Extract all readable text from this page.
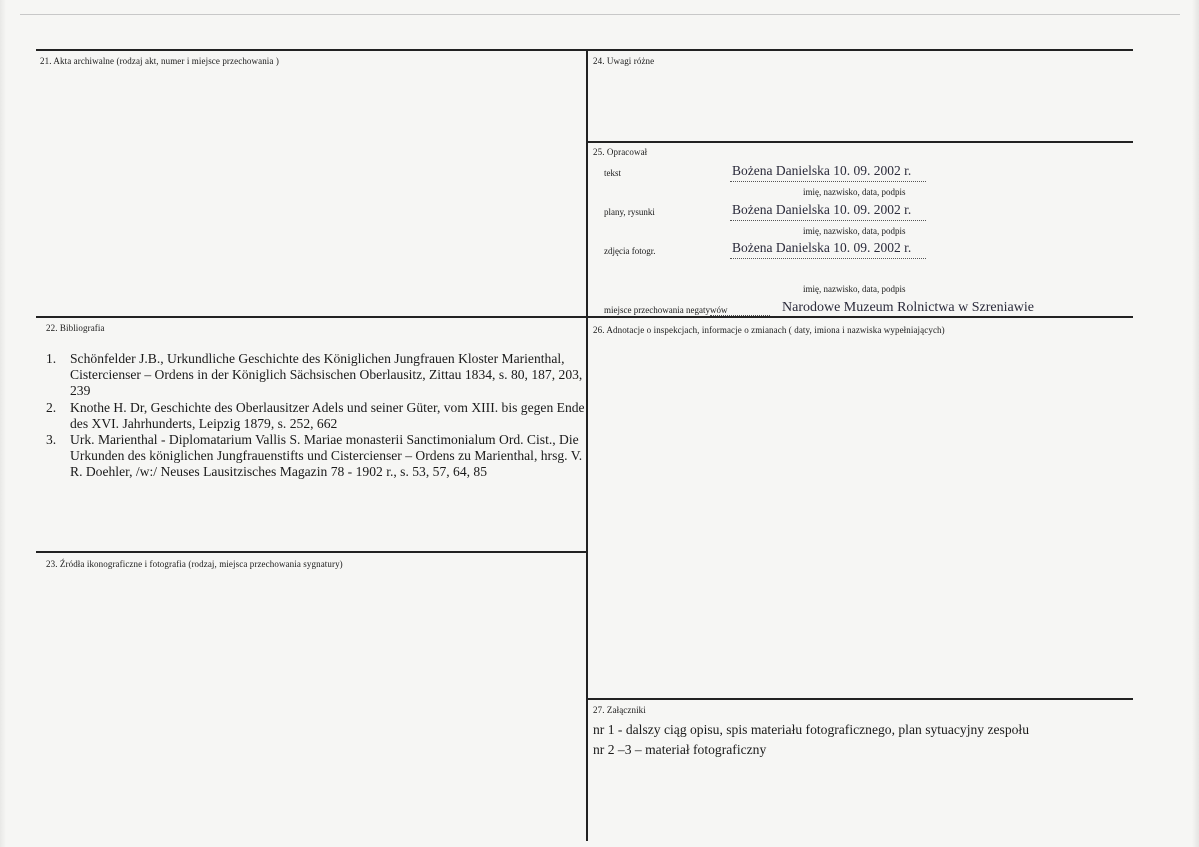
21. Akta archiwalne (rodzaj akt, numer i miejsce przechowania )
22. Bibliografia
1. Schönfelder J.B., Urkundliche Geschichte des Königlichen Jungfrauen Kloster Marienthal, Cistercienser – Ordens in der Königlich Sächsischen Oberlausitz, Zittau 1834, s. 80, 187, 203, 239
2. Knothe H. Dr, Geschichte des Oberlausitzer Adels und seiner Güter, vom XIII. bis gegen Ende des XVI. Jahrhunderts, Leipzig 1879, s. 252, 662
3. Urk. Marienthal - Diplomatarium Vallis S. Mariae monasterii Sanctimonialum Ord. Cist., Die Urkunden des königlichen Jungfrauenstifts und Cistercienser – Ordens zu Marienthal, hrsg. V. R. Doehler, /w:/ Neuses Lausitzisches Magazin 78 - 1902 r., s. 53, 57, 64, 85
23. Źródła ikonograficzne i fotografia (rodzaj, miejsca przechowania sygnatury)
24. Uwagi różne
25. Opracował
tekst	Bożena Danielska 10. 09. 2002 r.
imię, nazwisko, data, podpis
plany, rysunki	Bożena Danielska 10. 09. 2002 r.
imię, nazwisko, data, podpis
zdjęcia fotogr.	Bożena Danielska 10. 09. 2002 r.
imię, nazwisko, data, podpis
miejsce przechowania negatywów	Narodowe Muzeum Rolnictwa w Szreniawie
26. Adnotacje o inspekcjach, informacje o zmianach ( daty, imiona i nazwiska wypełniających)
27. Załączniki
nr 1 - dalszy ciąg opisu, spis materiału fotograficznego, plan sytuacyjny zespołu
nr 2 –3 – materiał fotograficzny
